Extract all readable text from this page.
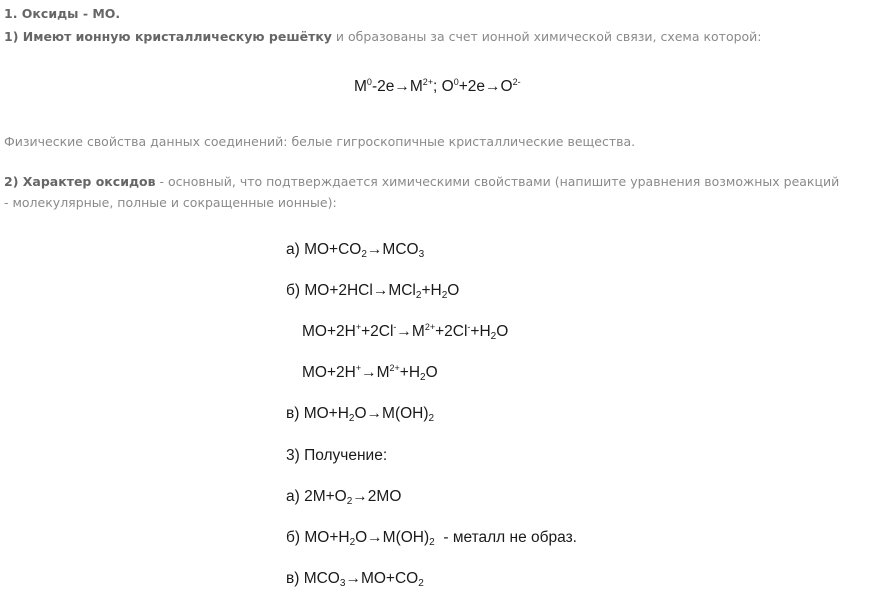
1. Оксиды - МО.
1) Имеют ионную кристаллическую решётку и образованы за счет ионной химической связи, схема которой:
$M^0-2e\to M^{2+}$; $O^0+2e\to O^{2-}$
Физические свойства данных соединений: белые гигроскопичные кристаллические вещества.
2) Характер оксидов - основный, что подтверждается химическими свойствами (напишите уравнения возможных реакций
- молекулярные, полные и сокращенные ионные):
а) $MO+CO_2\to MCO_3$
б) $MO+2HCl\to MCl_2+H_2O$
$MO+2H^++2Cl^-\to M^{2+}+2Cl^-+H_2O$
$MO+2H^+\to M^{2+}+H_2O$
в) $MO+H_2O\to M(OH)_2$
3) Получение:
а) $2M+O_2\to 2MO$
б) $MO+H_2O\to M(OH)_2$  - металл не образ.
в) $MCO_3\to MO+CO_2$
